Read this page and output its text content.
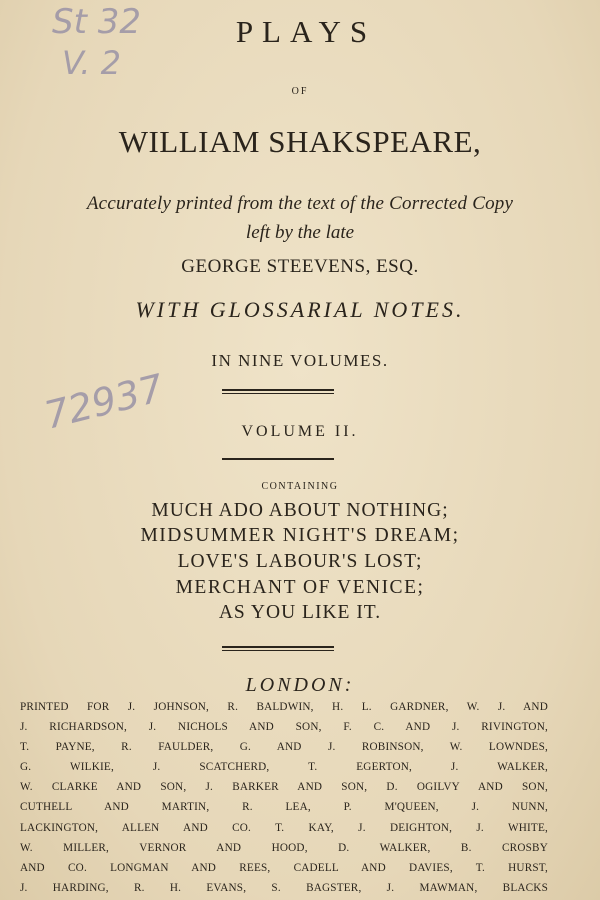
St 32
V. 2
72937
PLAYS
OF
WILLIAM SHAKSPEARE,
Accurately printed from the text of the Corrected Copy
left by the late
GEORGE STEEVENS, ESQ.
WITH GLOSSARIAL NOTES.
IN NINE VOLUMES.
VOLUME II.
CONTAINING
MUCH ADO ABOUT NOTHING;
MIDSUMMER NIGHT'S DREAM;
LOVE'S LABOUR'S LOST;
MERCHANT OF VENICE;
AS YOU LIKE IT.
LONDON:
PRINTED FOR J. JOHNSON, R. BALDWIN, H. L. GARDNER, W. J. AND
J. RICHARDSON, J. NICHOLS AND SON, F. C. AND J. RIVINGTON,
T. PAYNE, R. FAULDER, G. AND J. ROBINSON, W. LOWNDES,
G. WILKIE, J. SCATCHERD, T. EGERTON, J. WALKER,
W. CLARKE AND SON, J. BARKER AND SON, D. OGILVY AND SON,
CUTHELL AND MARTIN, R. LEA, P. M'QUEEN, J. NUNN,
LACKINGTON, ALLEN AND CO. T. KAY, J. DEIGHTON, J. WHITE,
W. MILLER, VERNOR AND HOOD, D. WALKER, B. CROSBY
AND CO. LONGMAN AND REES, CADELL AND DAVIES, T. HURST,
J. HARDING, R. H. EVANS, S. BAGSTER, J. MAWMAN, BLACKS
